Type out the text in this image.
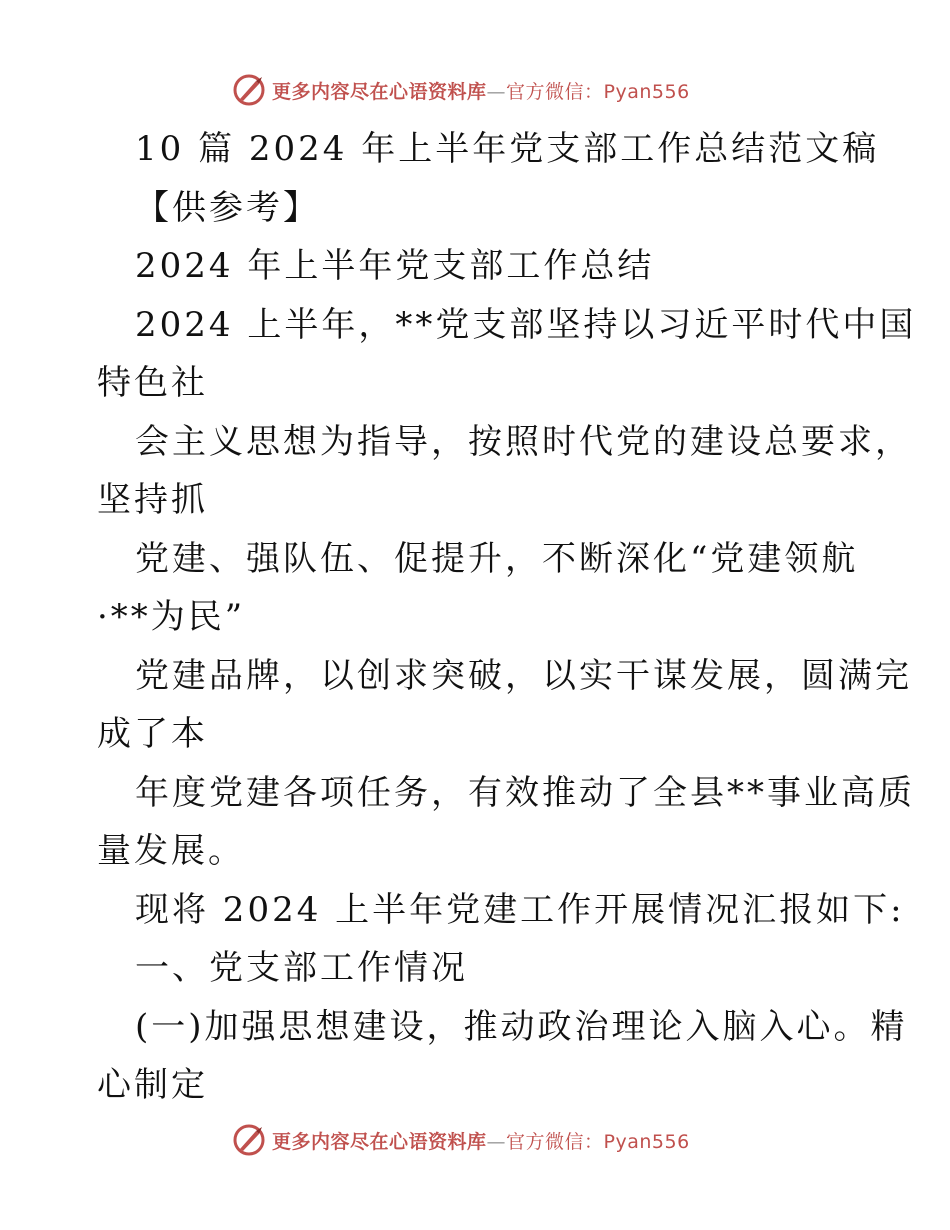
更多内容尽在心语资料库—官方微信：Pyan556
10 篇 2024 年上半年党支部工作总结范文稿
【供参考】
2024 年上半年党支部工作总结
2024 上半年，**党支部坚持以习近平时代中国
特色社
会主义思想为指导，按照时代党的建设总要求，
坚持抓
党建、强队伍、促提升，不断深化“党建领航
·**为民”
党建品牌，以创求突破，以实干谋发展，圆满完
成了本
年度党建各项任务，有效推动了全县**事业高质
量发展。
现将 2024 上半年党建工作开展情况汇报如下:
一、党支部工作情况
(一)加强思想建设，推动政治理论入脑入心。精
心制定
更多内容尽在心语资料库—官方微信：Pyan556
